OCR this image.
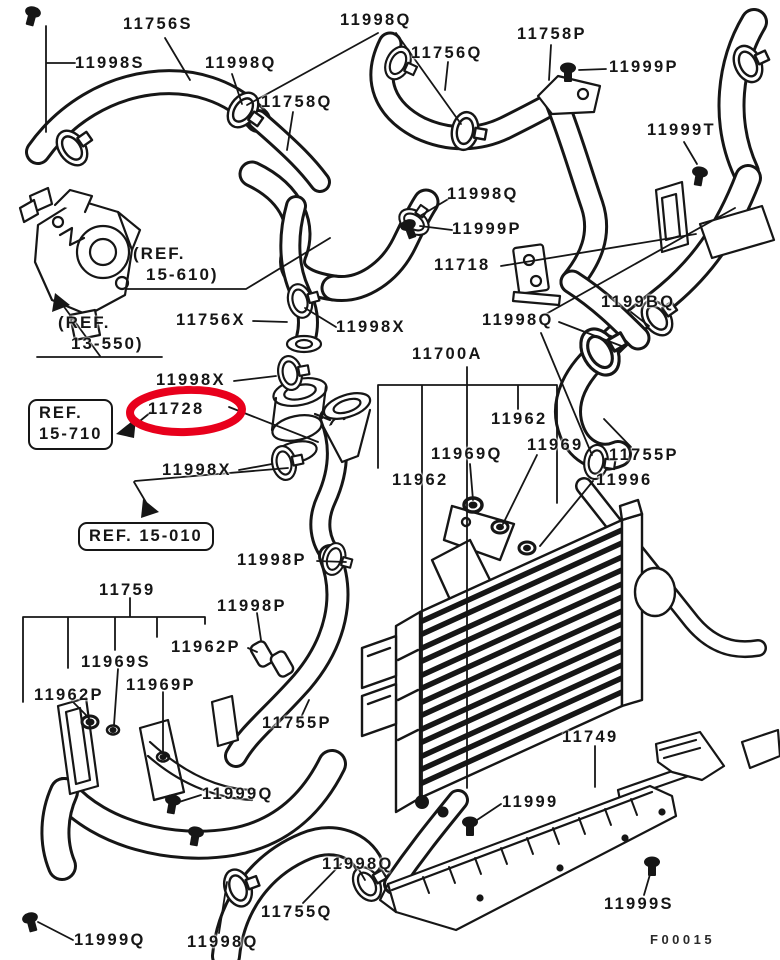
REF.
15-710
REF. 15-010
(REF.
15-610)
(REF.
13-550)
F00015
11756S
11998S	11998Q
11758Q
11998Q
11756Q
11758P
11999P
11999T
11998Q
11999P
11718
11756X	11998X	11998Q
1199BQ
11998X
11728
11998X
11700A
11962
11969Q 11969
11962
11755P
11996
11998P
11998P
11759
11962P
11969S
11969P
11962P
11755P
11999Q
11999Q	11998Q
11755Q
11998Q
11999
11749
11999S
